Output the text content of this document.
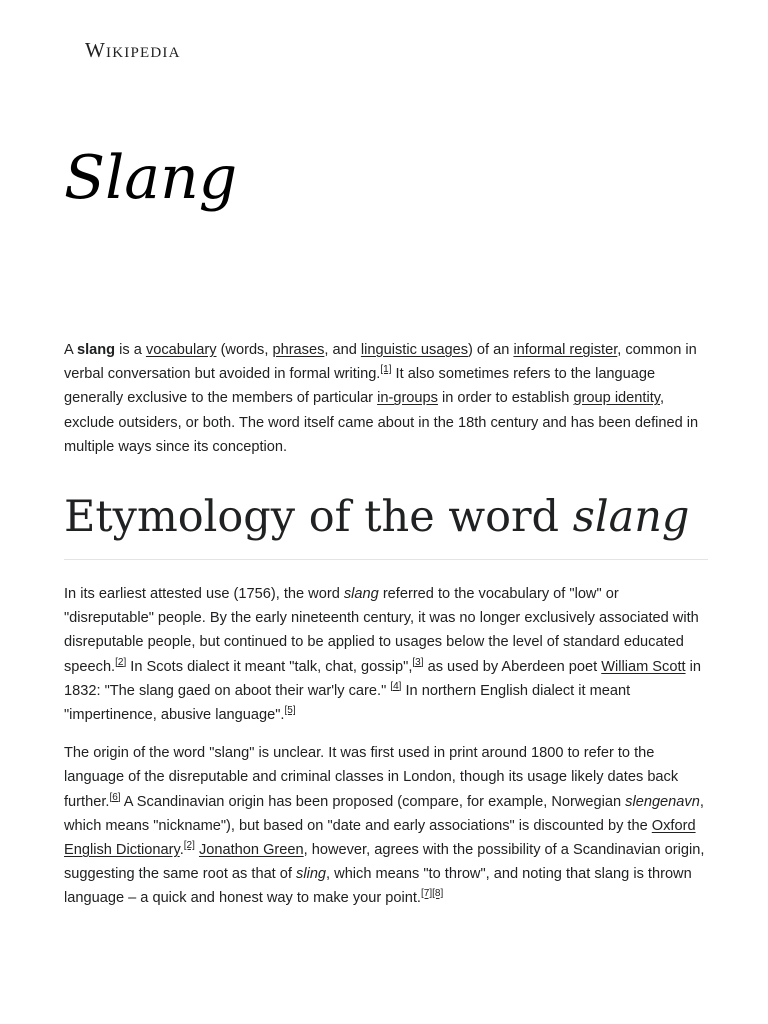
Wikipedia
Slang

A slang is a vocabulary (words, phrases, and linguistic usages) of an informal register, common in verbal conversation but avoided in formal writing.[1] It also sometimes refers to the language generally exclusive to the members of particular in-groups in order to establish group identity, exclude outsiders, or both. The word itself came about in the 18th century and has been defined in multiple ways since its conception.

Etymology of the word slang

In its earliest attested use (1756), the word slang referred to the vocabulary of "low" or "disreputable" people. By the early nineteenth century, it was no longer exclusively associated with disreputable people, but continued to be applied to usages below the level of standard educated speech.[2] In Scots dialect it meant "talk, chat, gossip",[3] as used by Aberdeen poet William Scott in 1832: "The slang gaed on aboot their war'ly care." [4] In northern English dialect it meant "impertinence, abusive language".[5]

The origin of the word "slang" is unclear. It was first used in print around 1800 to refer to the language of the disreputable and criminal classes in London, though its usage likely dates back further.[6] A Scandinavian origin has been proposed (compare, for example, Norwegian slengenavn, which means "nickname"), but based on "date and early associations" is discounted by the Oxford English Dictionary.[2] Jonathon Green, however, agrees with the possibility of a Scandinavian origin, suggesting the same root as that of sling, which means "to throw", and noting that slang is thrown language – a quick and honest way to make your point.[7][8]
